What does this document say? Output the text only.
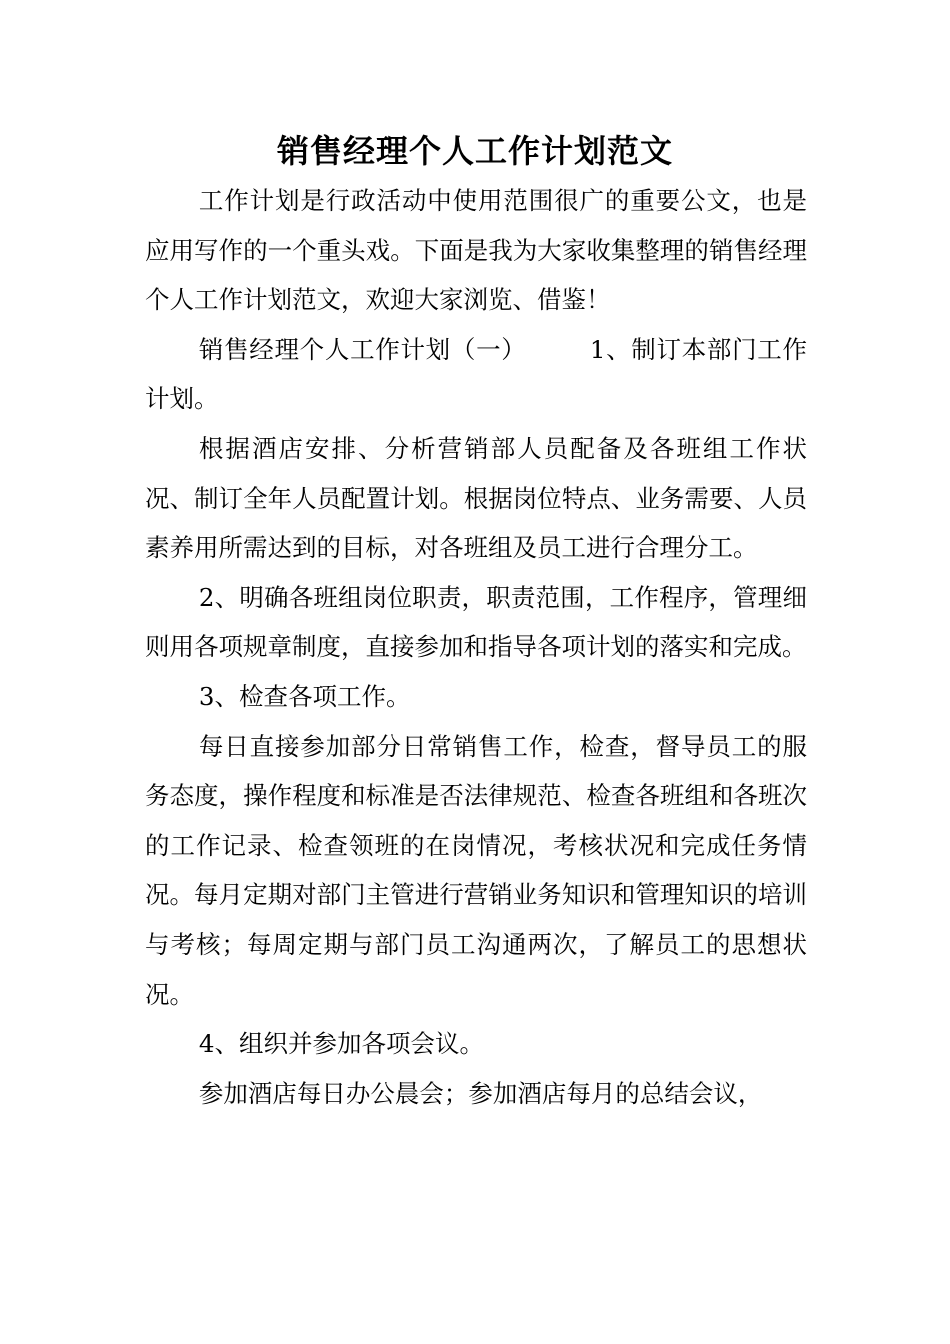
销售经理个人工作计划范文

工作计划是行政活动中使用范围很广的重要公文，也是应用写作的一个重头戏。下面是我为大家收集整理的销售经理个人工作计划范文，欢迎大家浏览、借鉴！

销售经理个人工作计划（一）　　　1、制订本部门工作计划。

根据酒店安排、分析营销部人员配备及各班组工作状况、制订全年人员配置计划。根据岗位特点、业务需要、人员素养用所需达到的目标，对各班组及员工进行合理分工。

2、明确各班组岗位职责，职责范围，工作程序，管理细则用各项规章制度，直接参加和指导各项计划的落实和完成。

3、检查各项工作。

每日直接参加部分日常销售工作，检查，督导员工的服务态度，操作程度和标准是否法律规范、检查各班组和各班次的工作记录、检查领班的在岗情况，考核状况和完成任务情况。每月定期对部门主管进行营销业务知识和管理知识的培训与考核；每周定期与部门员工沟通两次，了解员工的思想状况。

4、组织并参加各项会议。

参加酒店每日办公晨会；参加酒店每月的总结会议，
